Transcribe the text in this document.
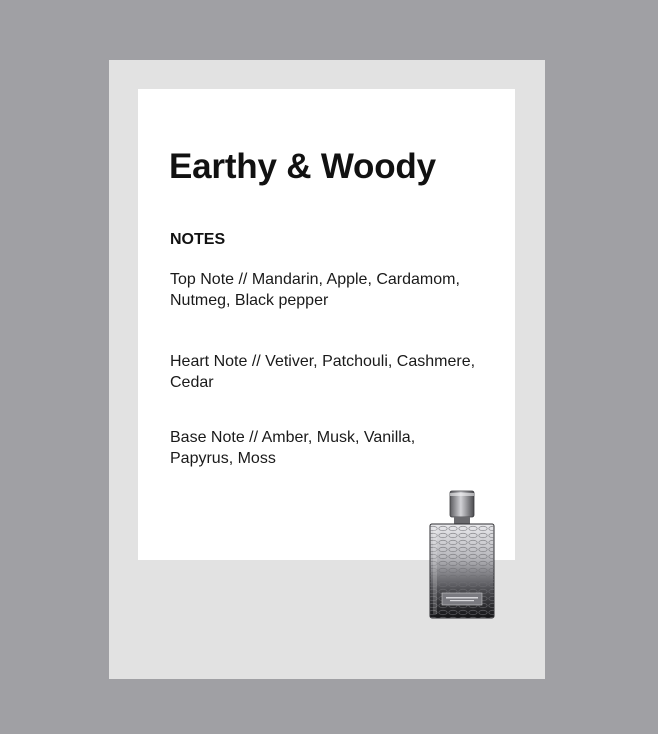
Earthy & Woody
NOTES
Top Note // Mandarin, Apple, Cardamom,
Nutmeg, Black pepper
Heart Note // Vetiver, Patchouli, Cashmere,
Cedar
Base Note // Amber, Musk, Vanilla,
Papyrus, Moss
